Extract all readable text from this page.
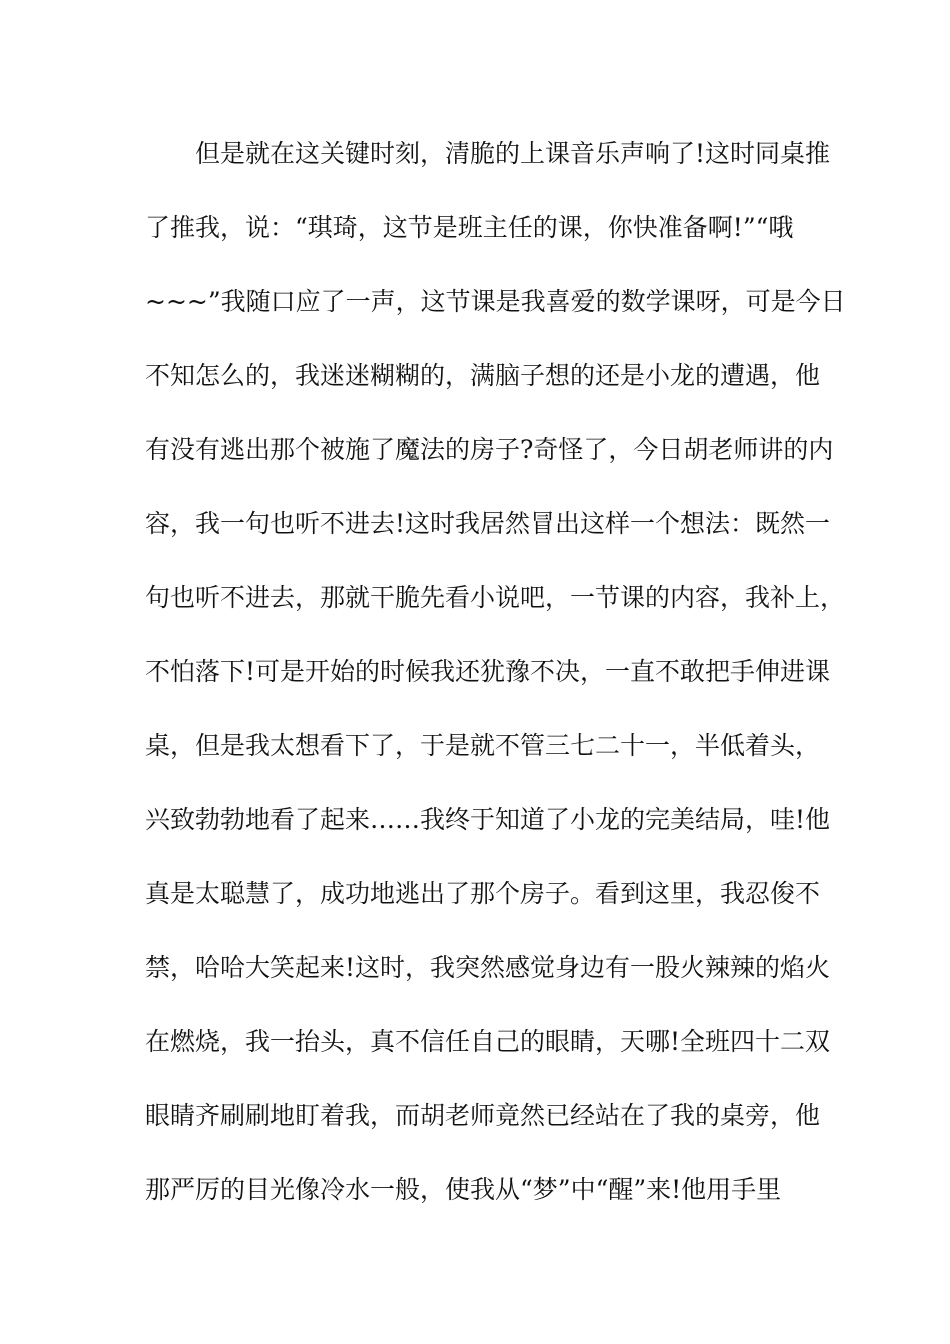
　　但是就在这关键时刻，清脆的上课音乐声响了!这时同桌推
了推我，说：“琪琦，这节是班主任的课，你快准备啊!”“哦
~~~”我随口应了一声，这节课是我喜爱的数学课呀，可是今日
不知怎么的，我迷迷糊糊的，满脑子想的还是小龙的遭遇，他
有没有逃出那个被施了魔法的房子?奇怪了，今日胡老师讲的内
容，我一句也听不进去!这时我居然冒出这样一个想法：既然一
句也听不进去，那就干脆先看小说吧，一节课的内容，我补上，
不怕落下!可是开始的时候我还犹豫不决，一直不敢把手伸进课
桌，但是我太想看下了，于是就不管三七二十一，半低着头，
兴致勃勃地看了起来……我终于知道了小龙的完美结局，哇!他
真是太聪慧了，成功地逃出了那个房子。看到这里，我忍俊不
禁，哈哈大笑起来!这时，我突然感觉身边有一股火辣辣的焰火
在燃烧，我一抬头，真不信任自己的眼睛，天哪!全班四十二双
眼睛齐刷刷地盯着我，而胡老师竟然已经站在了我的桌旁，他
那严厉的目光像冷水一般，使我从“梦”中“醒”来!他用手里
